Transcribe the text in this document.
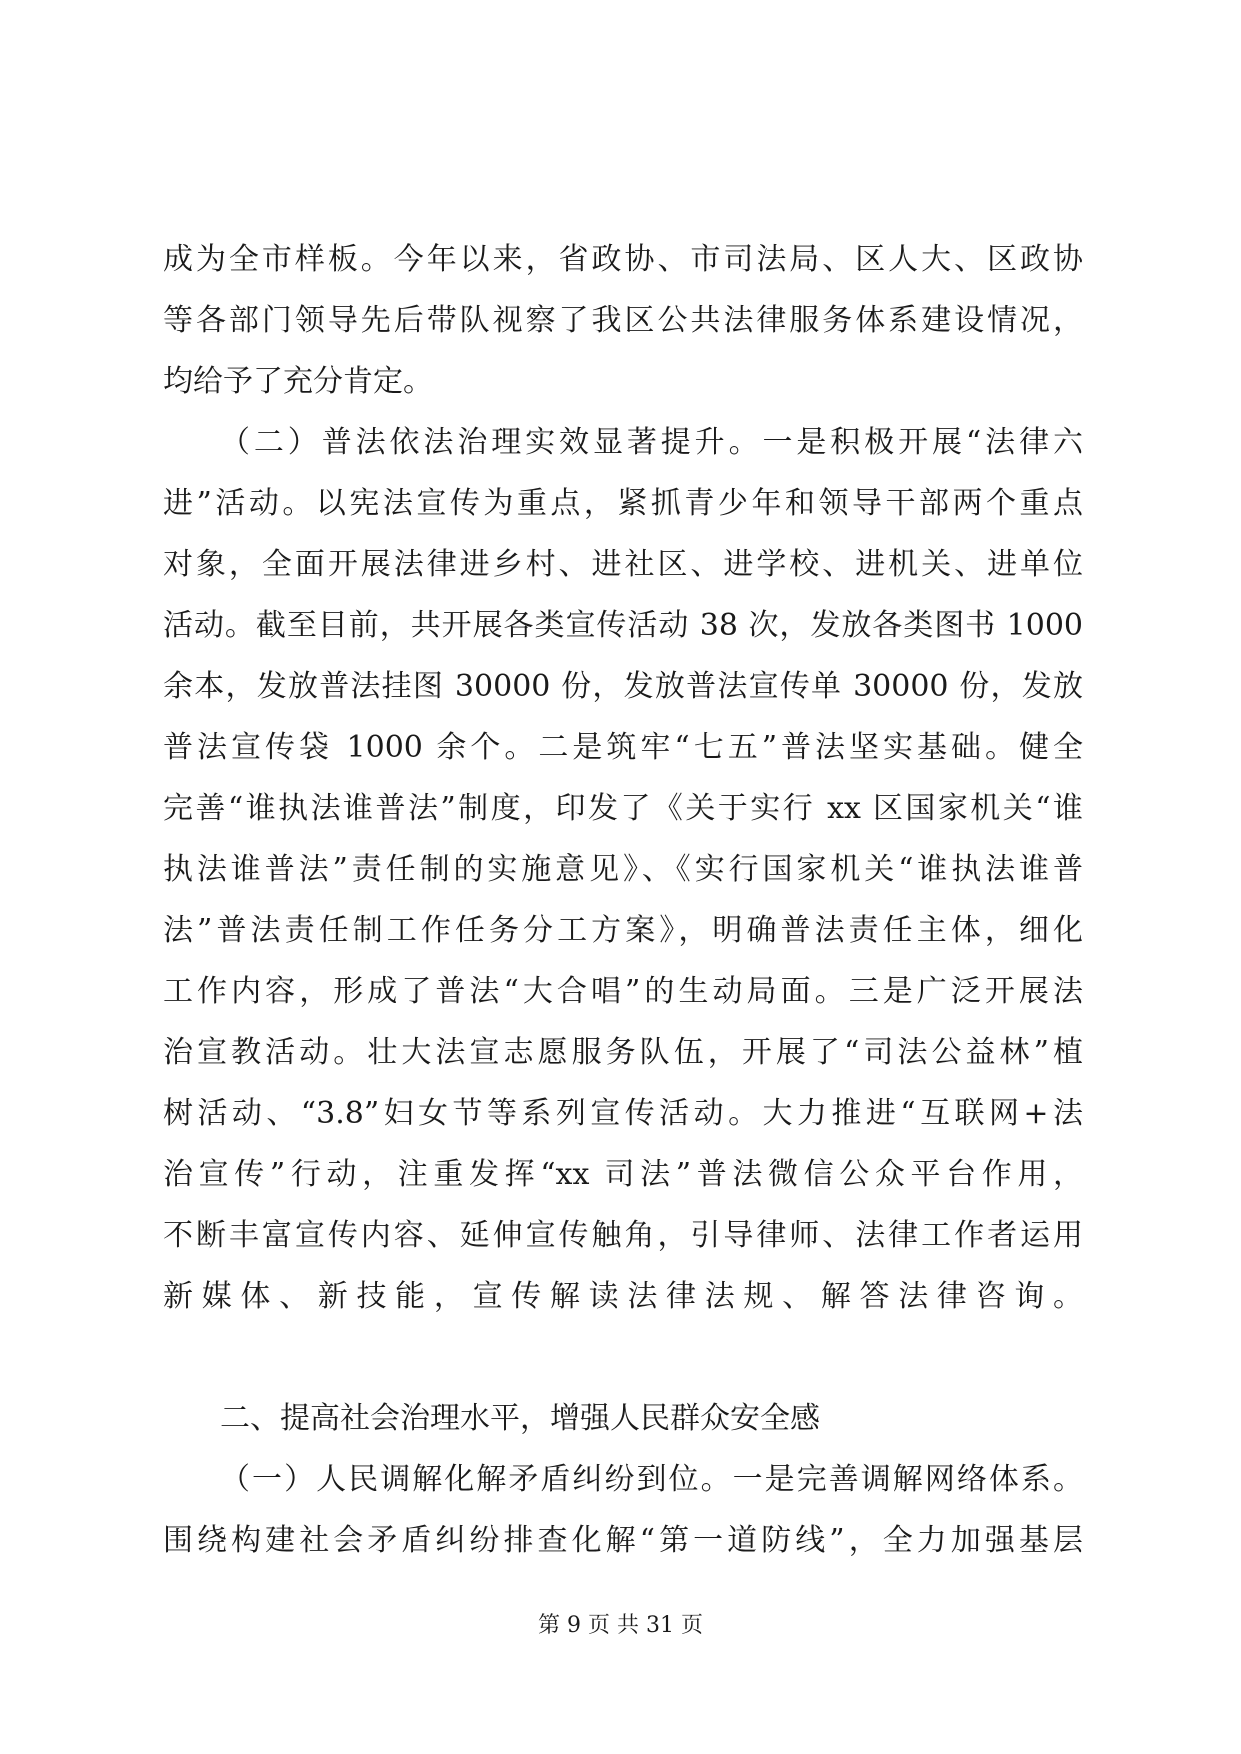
成为全市样板。今年以来，省政协、市司法局、区人大、区政协
等各部门领导先后带队视察了我区公共法律服务体系建设情况，
均给予了充分肯定。
（二）普法依法治理实效显著提升。一是积极开展“法律六
进”活动。以宪法宣传为重点，紧抓青少年和领导干部两个重点
对象，全面开展法律进乡村、进社区、进学校、进机关、进单位
活动。截至目前，共开展各类宣传活动 38 次，发放各类图书 1000
余本，发放普法挂图 30000 份，发放普法宣传单 30000 份，发放
普法宣传袋 1000 余个。二是筑牢“七五”普法坚实基础。健全
完善“谁执法谁普法”制度，印发了《关于实行 xx 区国家机关“谁
执法谁普法”责任制的实施意见》、《实行国家机关“谁执法谁普
法”普法责任制工作任务分工方案》，明确普法责任主体，细化
工作内容，形成了普法“大合唱”的生动局面。三是广泛开展法
治宣教活动。壮大法宣志愿服务队伍，开展了“司法公益林”植
树活动、“3.8”妇女节等系列宣传活动。大力推进“互联网+法
治宣传”行动，注重发挥“xx 司法”普法微信公众平台作用，
不断丰富宣传内容、延伸宣传触角，引导律师、法律工作者运用
新媒体、新技能，宣传解读法律法规、解答法律咨询。
二、提高社会治理水平，增强人民群众安全感
（一）人民调解化解矛盾纠纷到位。一是完善调解网络体系。
围绕构建社会矛盾纠纷排查化解“第一道防线”，全力加强基层
第 9 页 共 31 页
